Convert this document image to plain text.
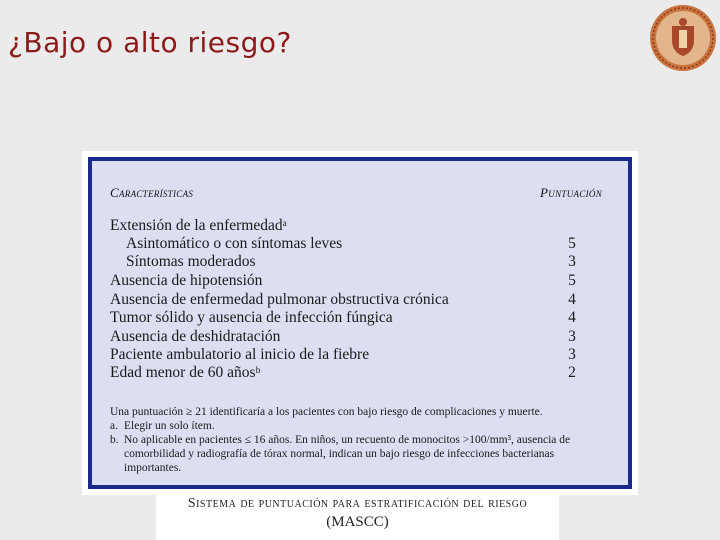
¿Bajo o alto riesgo?
Características	Puntuación
Extensión de la enfermedadᵃ
Asintomático o con síntomas leves	5
Síntomas moderados	3
Ausencia de hipotensión	5
Ausencia de enfermedad pulmonar obstructiva crónica	4
Tumor sólido y ausencia de infección fúngica	4
Ausencia de deshidratación	3
Paciente ambulatorio al inicio de la fiebre	3
Edad menor de 60 añosᵇ	2
Una puntuación ≥ 21 identificaría a los pacientes con bajo riesgo de complicaciones y muerte.
a. Elegir un solo ítem.
b. No aplicable en pacientes ≤ 16 años. En niños, un recuento de monocitos >100/mm³, ausencia de comorbilidad y radiografía de tórax normal, indican un bajo riesgo de infecciones bacterianas importantes.
Sistema de puntuación para estratificación del riesgo
(MASCC)
